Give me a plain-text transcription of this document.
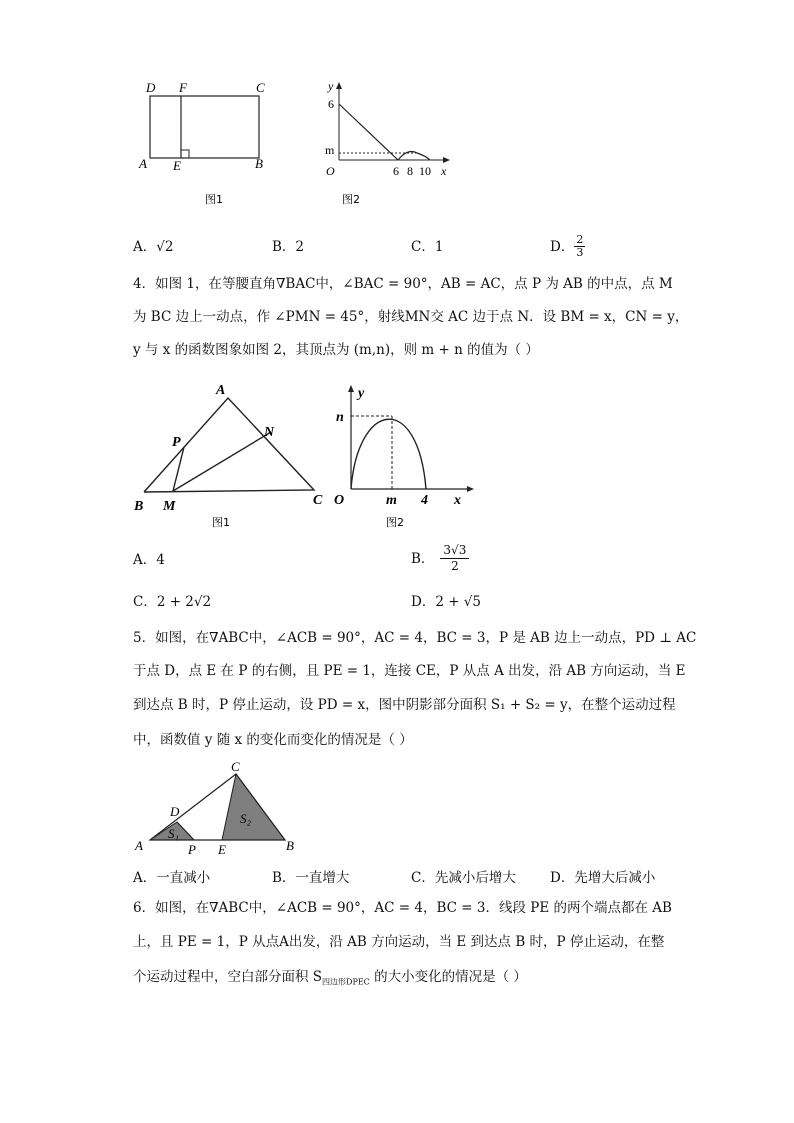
D F	C
A E	B
图1
y
6
m
O	6 8 10 x
图2
A．√2	B．2	C．1	D． $\frac{2}{3}$
4．如图 1，在等腰直角∇BAC中，∠BAC = 90°，AB = AC，点 P 为 AB 的中点，点 M
为 BC 边上一动点，作 ∠PMN = 45°，射线MN交 AC 边于点 N．设 BM = x，CN = y，
y 与 x 的函数图象如图 2，其顶点为 (m,n)，则 m + n 的值为（ ）
A
P
N
B M	C
图1
y
n
O	m 4 x
图2
A．4	B． $\frac{3√3}{2}$
C．2 + 2√2	D．2 + √5
5．如图，在∇ABC中，∠ACB = 90°，AC = 4，BC = 3，P 是 AB 边上一动点，PD ⊥ AC
于点 D，点 E 在 P 的右侧，且 PE = 1，连接 CE，P 从点 A 出发，沿 AB 方向运动，当 E
到达点 B 时，P 停止运动，设 PD = x，图中阴影部分面积 S₁ + S₂ = y，在整个运动过程
中，函数值 y 随 x 的变化而变化的情况是（ ）
C
D
S₁
S₂
A	P E	B
A．一直减小	B．一直增大	C．先减小后增大	D．先增大后减小
6．如图，在∇ABC中，∠ACB = 90°，AC = 4，BC = 3．线段 PE 的两个端点都在 AB
上，且 PE = 1，P 从点A出发，沿 AB 方向运动，当 E 到达点 B 时，P 停止运动，在整
个运动过程中，空白部分面积 $S_{四边形DPEC}$ 的大小变化的情况是（ ）
